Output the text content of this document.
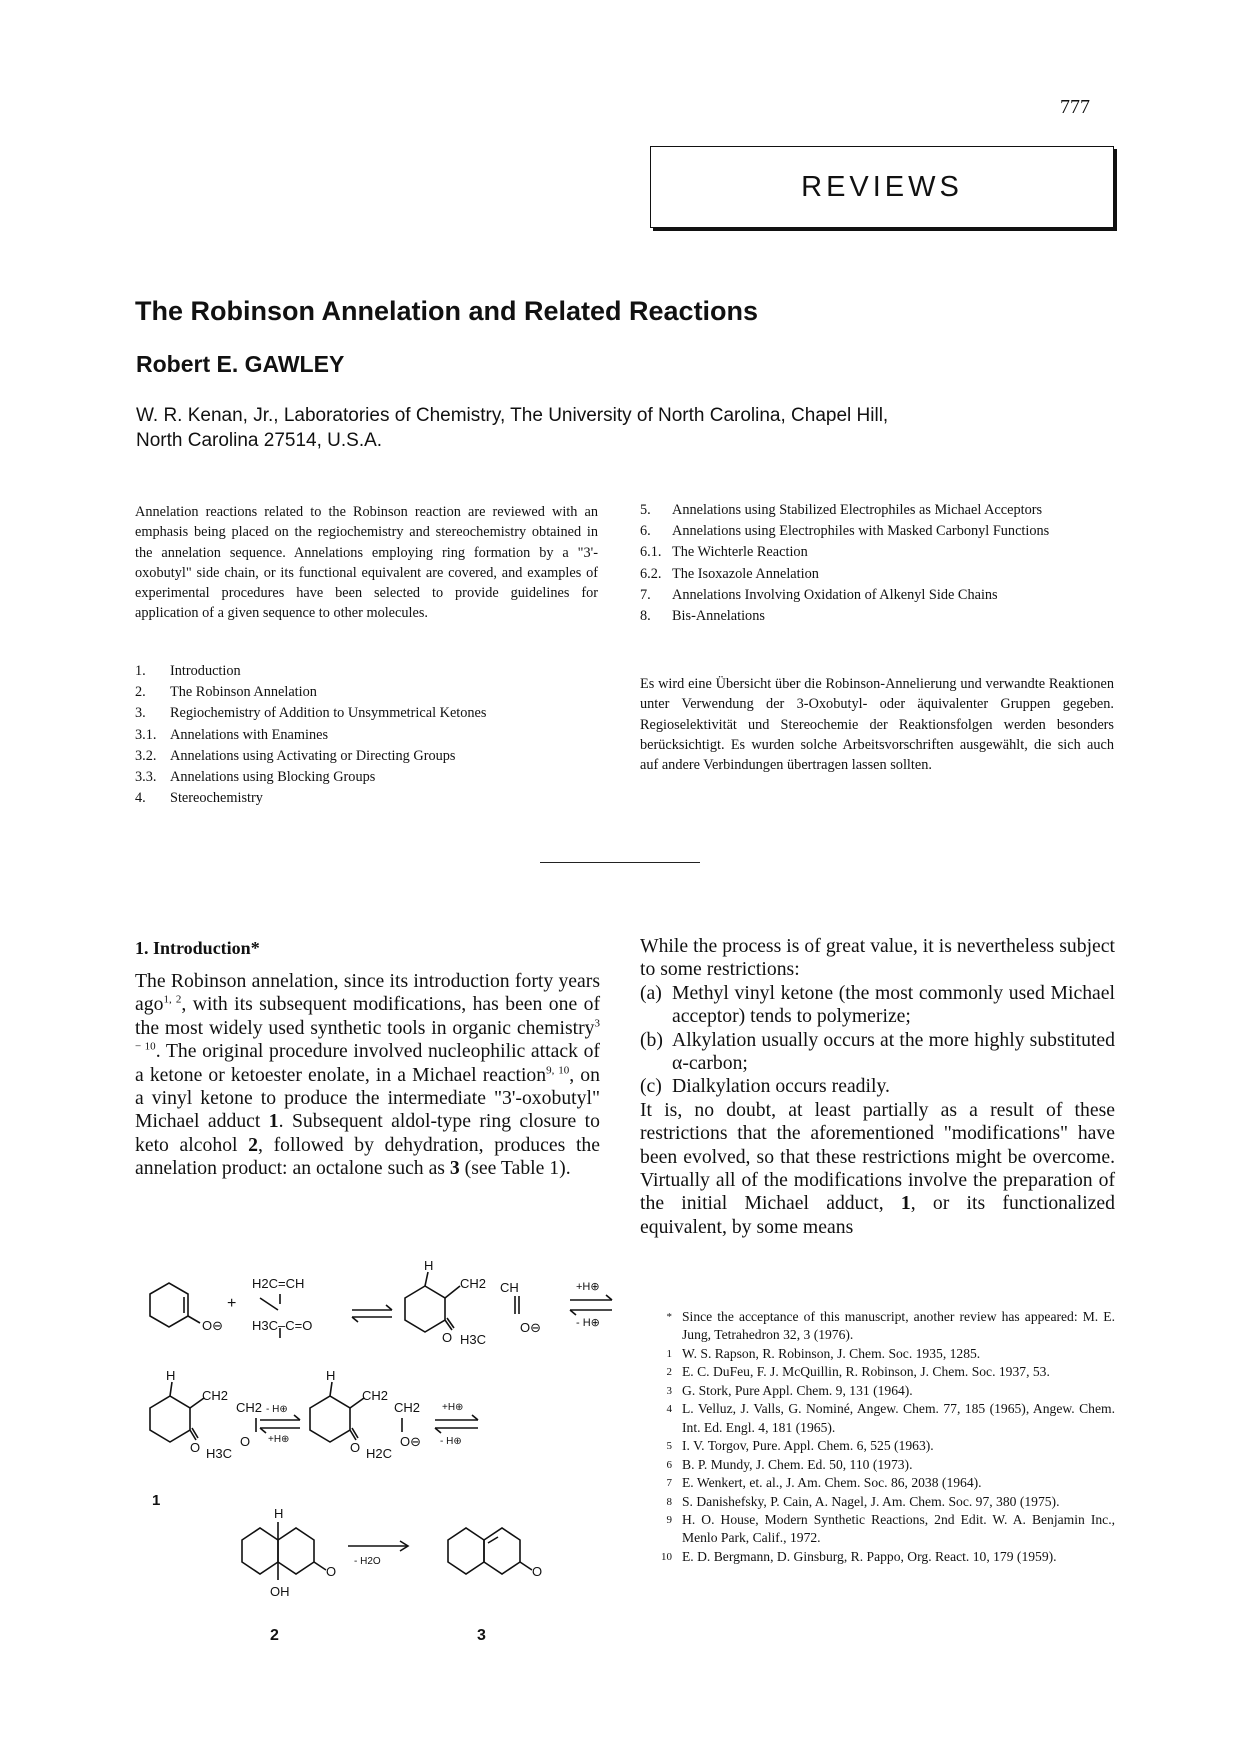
777
REVIEWS
The Robinson Annelation and Related Reactions
Robert E. GAWLEY
W. R. Kenan, Jr., Laboratories of Chemistry, The University of North Carolina, Chapel Hill,
North Carolina 27514, U.S.A.
Annelation reactions related to the Robinson reaction are reviewed with an emphasis being placed on the regiochemistry and stereochemistry obtained in the annelation sequence. Annelations employing ring formation by a "3'-oxobutyl" side chain, or its functional equivalent are covered, and examples of experimental procedures have been selected to provide guidelines for application of a given sequence to other molecules.
1.	Introduction
2.	The Robinson Annelation
3.	Regiochemistry of Addition to Unsymmetrical Ketones
3.1. Annelations with Enamines
3.2. Annelations using Activating or Directing Groups
3.3. Annelations using Blocking Groups
4.	Stereochemistry
5.	Annelations using Stabilized Electrophiles as Michael Acceptors
6.	Annelations using Electrophiles with Masked Carbonyl Functions
6.1. The Wichterle Reaction
6.2. The Isoxazole Annelation
7.	Annelations Involving Oxidation of Alkenyl Side Chains
8.	Bis-Annelations
Es wird eine Übersicht über die Robinson-Annelierung und verwandte Reaktionen unter Verwendung der 3-Oxobutyl- oder äquivalenter Gruppen gegeben. Regioselektivität und Stereochemie der Reaktionsfolgen werden besonders berücksichtigt. Es wurden solche Arbeitsvorschriften ausgewählt, die sich auch auf andere Verbindungen übertragen lassen sollten.
1. Introduction*
The Robinson annelation, since its introduction forty years ago$^{1, 2}$, with its subsequent modifications, has been one of the most widely used synthetic tools in organic chemistry$^{3 - 10}$. The original procedure involved nucleophilic attack of a ketone or ketoester enolate, in a Michael reaction$^{9, 10}$, on a vinyl ketone to produce the intermediate "3'-oxobutyl" Michael adduct 1. Subsequent aldol-type ring closure to keto alcohol 2, followed by dehydration, produces the annelation product: an octalone such as 3 (see Table 1).
While the process is of great value, it is nevertheless subject to some restrictions:
(a) Methyl vinyl ketone (the most commonly used Michael acceptor) tends to polymerize;
(b) Alkylation usually occurs at the more highly substituted α-carbon;
(c) Dialkylation occurs readily.
It is, no doubt, at least partially as a result of these restrictions that the aforementioned "modifications" have been evolved, so that these restrictions might be overcome. Virtually all of the modifications involve the preparation of the initial Michael adduct, 1, or its functionalized equivalent, by some means
* Since the acceptance of this manuscript, another review has appeared: M. E. Jung, Tetrahedron 32, 3 (1976).
1 W. S. Rapson, R. Robinson, J. Chem. Soc. 1935, 1285.
2 E. C. DuFeu, F. J. McQuillin, R. Robinson, J. Chem. Soc. 1937, 53.
3 G. Stork, Pure Appl. Chem. 9, 131 (1964).
4 L. Velluz, J. Valls, G. Nominé, Angew. Chem. 77, 185 (1965), Angew. Chem. Int. Ed. Engl. 4, 181 (1965).
5 I. V. Torgov, Pure. Appl. Chem. 6, 525 (1963).
6 B. P. Mundy, J. Chem. Ed. 50, 110 (1973).
7 E. Wenkert, et. al., J. Am. Chem. Soc. 86, 2038 (1964).
8 S. Danishefsky, P. Cain, A. Nagel, J. Am. Chem. Soc. 97, 380 (1975).
9 H. O. House, Modern Synthetic Reactions, 2nd Edit. W. A. Benjamin Inc., Menlo Park, Calif., 1972.
10 E. D. Bergmann, D. Ginsburg, R. Pappo, Org. React. 10, 179 (1959).
O⊖
+
H2C=CH
H3C–C=O
H
CH2 CH
O H3C
O⊖
+H⊕
- H⊕
H
CH2
CH2
O H3C
O
- H⊕
+H⊕
H
CH2
CH2
O H2C
O⊖
+H⊕
- H⊕
1
H
OH
O
- H2O
O
2	3
